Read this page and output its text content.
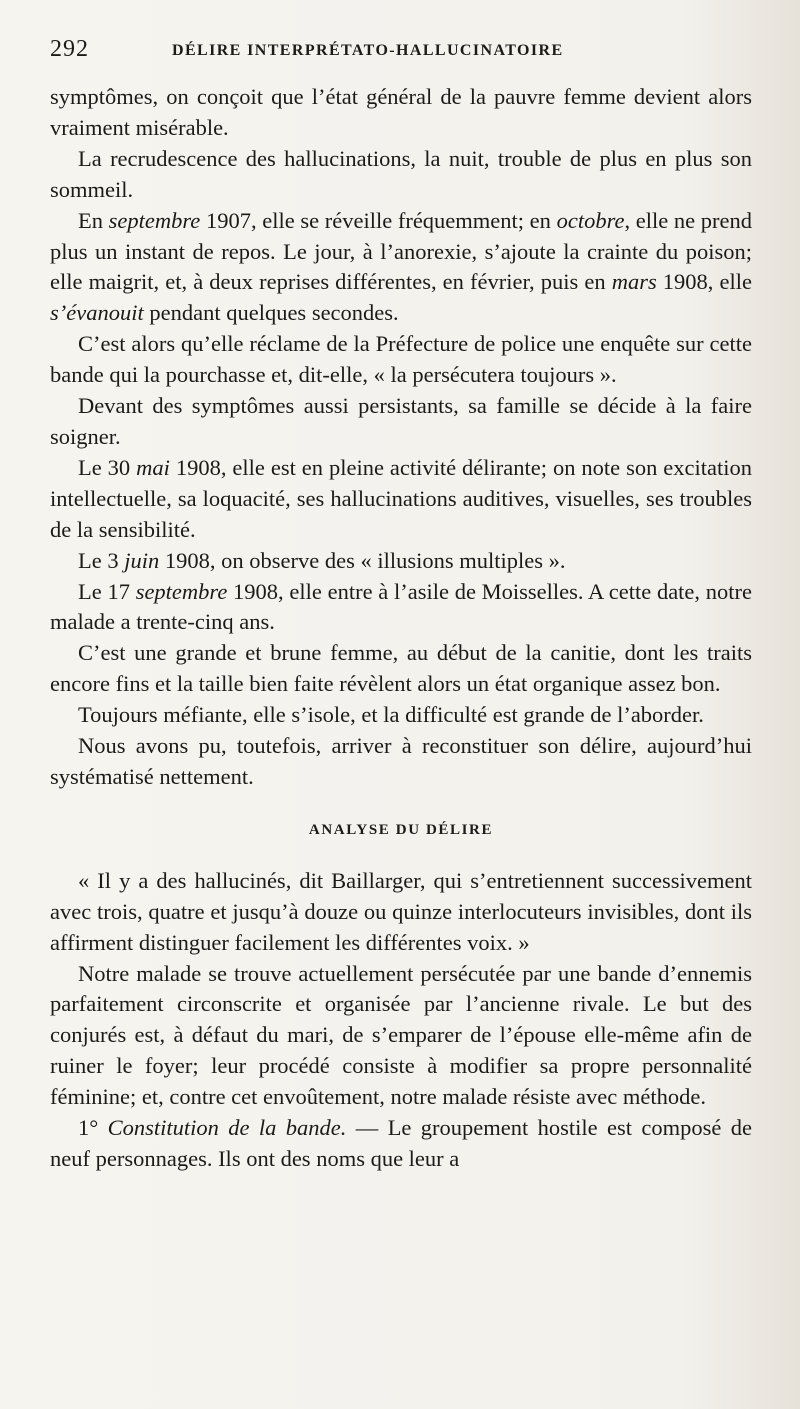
292	DÉLIRE INTERPRÉTATO-HALLUCINATOIRE

symptômes, on conçoit que l’état général de la pauvre femme devient alors vraiment misérable.

La recrudescence des hallucinations, la nuit, trouble de plus en plus son sommeil.

En septembre 1907, elle se réveille fréquemment; en octobre, elle ne prend plus un instant de repos. Le jour, à l’anorexie, s’ajoute la crainte du poison; elle maigrit, et, à deux reprises différentes, en février, puis en mars 1908, elle s’évanouit pendant quelques secondes.

C’est alors qu’elle réclame de la Préfecture de police une enquête sur cette bande qui la pourchasse et, dit-elle, « la persécutera toujours ».

Devant des symptômes aussi persistants, sa famille se décide à la faire soigner.

Le 30 mai 1908, elle est en pleine activité délirante; on note son excitation intellectuelle, sa loquacité, ses hallucinations auditives, visuelles, ses troubles de la sensibilité.

Le 3 juin 1908, on observe des « illusions multiples ».

Le 17 septembre 1908, elle entre à l’asile de Moisselles. A cette date, notre malade a trente-cinq ans.

C’est une grande et brune femme, au début de la canitie, dont les traits encore fins et la taille bien faite révèlent alors un état organique assez bon.

Toujours méfiante, elle s’isole, et la difficulté est grande de l’aborder.

Nous avons pu, toutefois, arriver à reconstituer son délire, aujourd’hui systématisé nettement.

ANALYSE DU DÉLIRE

« Il y a des hallucinés, dit Baillarger, qui s’entretiennent successivement avec trois, quatre et jusqu’à douze ou quinze interlocuteurs invisibles, dont ils affirment distinguer facilement les différentes voix. »

Notre malade se trouve actuellement persécutée par une bande d’ennemis parfaitement circonscrite et organisée par l’ancienne rivale. Le but des conjurés est, à défaut du mari, de s’emparer de l’épouse elle-même afin de ruiner le foyer; leur procédé consiste à modifier sa propre personnalité féminine; et, contre cet envoûtement, notre malade résiste avec méthode.

1° Constitution de la bande. — Le groupement hostile est composé de neuf personnages. Ils ont des noms que leur a
